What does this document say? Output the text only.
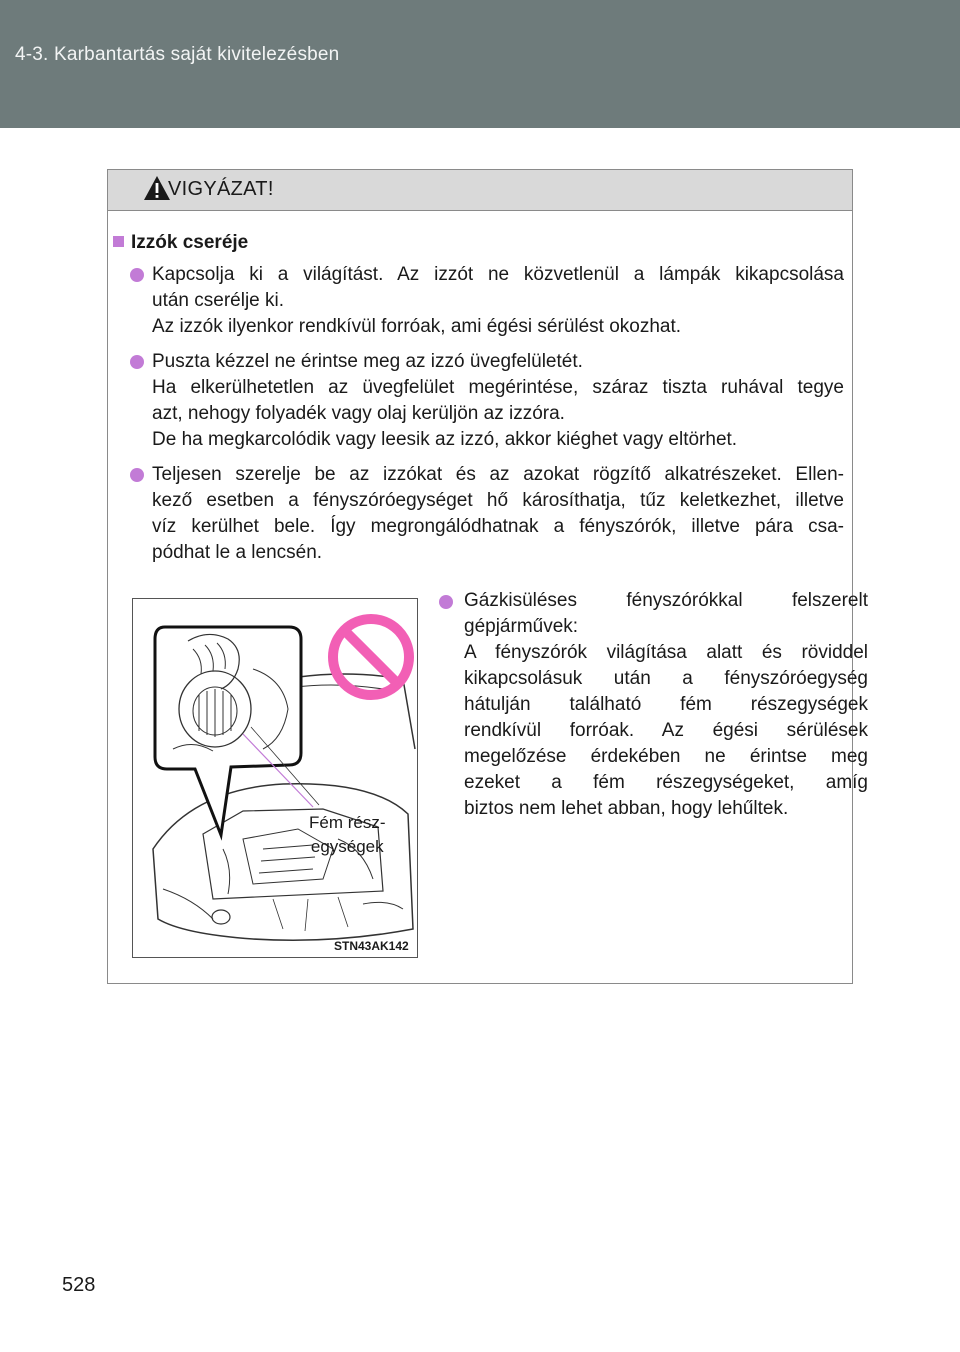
4-3. Karbantartás saját kivitelezésben
VIGYÁZAT!
Izzók cseréje
Kapcsolja ki a világítást. Az izzót ne közvetlenül a lámpák kikapcsolása
után cserélje ki.
Az izzók ilyenkor rendkívül forróak, ami égési sérülést okozhat.
Puszta kézzel ne érintse meg az izzó üvegfelületét.
Ha elkerülhetetlen az üvegfelület megérintése, száraz tiszta ruhával tegye
azt, nehogy folyadék vagy olaj kerüljön az izzóra.
De ha megkarcolódik vagy leesik az izzó, akkor kiéghet vagy eltörhet.
Teljesen szerelje be az izzókat és az azokat rögzítő alkatrészeket. Ellen-
kező esetben a fényszóróegységet hő károsíthatja, tűz keletkezhet, illetve
víz kerülhet bele. Így megrongálódhatnak a fényszórók, illetve pára csa-
pódhat le a lencsén.
Fém rész-
egységek
STN43AK142
Gázkisüléses fényszórókkal felszerelt
gépjárművek:
A fényszórók világítása alatt és röviddel
kikapcsolásuk után a fényszóróegység
hátulján található fém részegységek
rendkívül forróak. Az égési sérülések
megelőzése érdekében ne érintse meg
ezeket a fém részegységeket, amíg
biztos nem lehet abban, hogy lehűltek.
528
